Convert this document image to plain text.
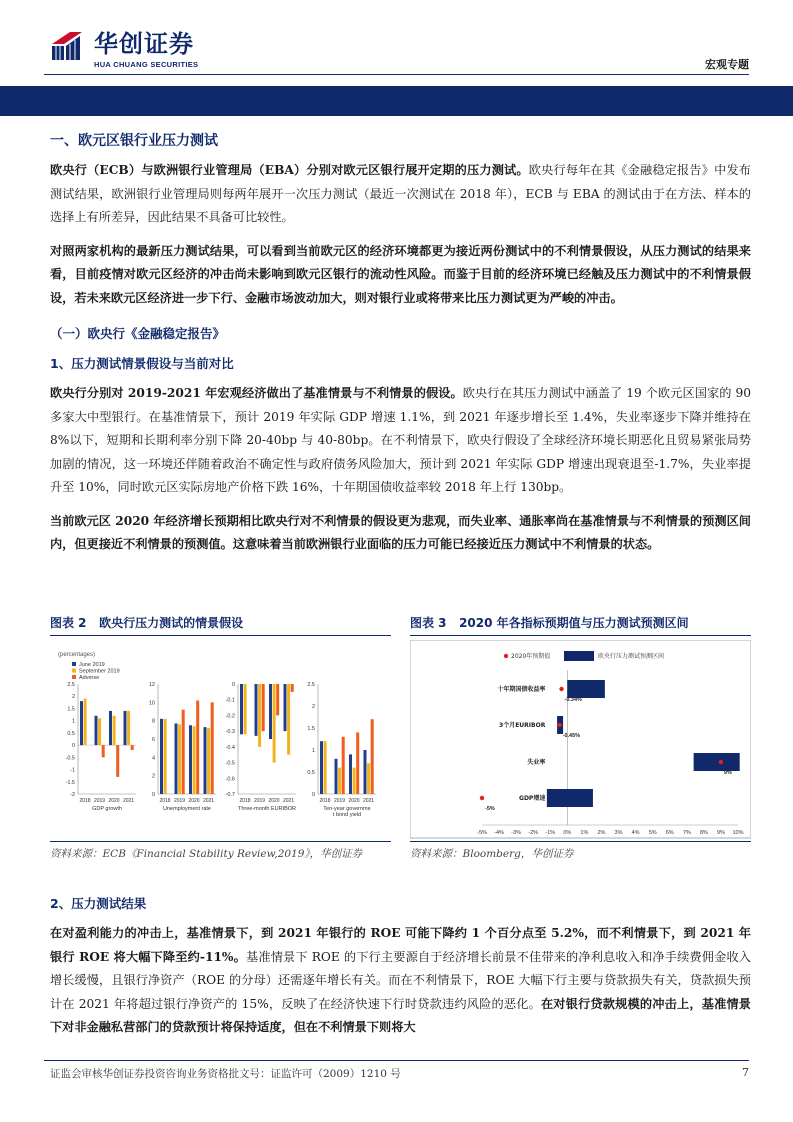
华创证券
HUA CHUANG SECURITIES	宏观专题
一、欧元区银行业压力测试

欧央行（ECB）与欧洲银行业管理局（EBA）分别对欧元区银行展开定期的压力测试。欧央行每年在其《金融稳定报告》中发布测试结果，欧洲银行业管理局则每两年展开一次压力测试（最近一次测试在 2018 年），ECB 与 EBA 的测试由于在方法、样本的选择上有所差异，因此结果不具备可比较性。

对照两家机构的最新压力测试结果，可以看到当前欧元区的经济环境都更为接近两份测试中的不利情景假设，从压力测试的结果来看，目前疫情对欧元区经济的冲击尚未影响到欧元区银行的流动性风险。而鉴于目前的经济环境已经触及压力测试中的不利情景假设，若未来欧元区经济进一步下行、金融市场波动加大，则对银行业或将带来比压力测试更为严峻的冲击。

（一）欧央行《金融稳定报告》
1、压力测试情景假设与当前对比

欧央行分别对 2019-2021 年宏观经济做出了基准情景与不利情景的假设。欧央行在其压力测试中涵盖了 19 个欧元区国家的 90 多家大中型银行。在基准情景下，预计 2019 年实际 GDP 增速 1.1%，到 2021 年逐步增长至 1.4%，失业率逐步下降并维持在 8%以下，短期和长期利率分别下降 20-40bp 与 40-80bp。在不利情景下，欧央行假设了全球经济环境长期恶化且贸易紧张局势加剧的情况，这一环境还伴随着政治不确定性与政府债务风险加大，预计到 2021 年实际 GDP 增速出现衰退至-1.7%，失业率提升至 10%，同时欧元区实际房地产价格下跌 16%，十年期国债收益率较 2018 年上行 130bp。

当前欧元区 2020 年经济增长预期相比欧央行对不利情景的假设更为悲观，而失业率、通胀率尚在基准情景与不利情景的预测区间内，但更接近不利情景的预测值。这意味着当前欧洲银行业面临的压力可能已经接近压力测试中不利情景的状态。

图表 2 欧央行压力测试的情景假设
(percentages)
June 2019
September 2019
Adverse
2.5
2
1.5
1
0.5
0
-0.5
-1
-1.5
-2
2018 2019 2020 2021
GDP growth
12
10
8
6
4
2
0
2018 2019 2020 2021
Unemployment rate
0
-0.1
-0.2
-0.3
-0.4
-0.5
-0.6
-0.7
2018 2019 2020 2021
Three-month EURIBOR
2.5
2
1.5
1
0.5
0
2018 2019 2020 2021
Ten-year governme
t bond yield
资料来源：ECB《Financial Stability Review,2019》，华创证券
图表 3 2020 年各指标预期值与压力测试预测区间
2020年预期值	欧央行压力测试预测区间
-5% -4% -3% -2% -1% 0% 1% 2% 3% 4% 5% 6% 7% 8% 9% 10%
十年期国债收益率
-0.34%
3个月EURIBOR
-0.45%
失业率
9%
GDP增速
-5%
资料来源：Bloomberg，华创证券
2、压力测试结果

在对盈利能力的冲击上，基准情景下，到 2021 年银行的 ROE 可能下降约 1 个百分点至 5.2%，而不利情景下，到 2021 年银行 ROE 将大幅下降至约-11%。基准情景下 ROE 的下行主要源自于经济增长前景不佳带来的净利息收入和净手续费佣金收入增长缓慢，且银行净资产（ROE 的分母）还需逐年增长有关。而在不利情景下，ROE 大幅下行主要与贷款损失有关，贷款损失预计在 2021 年将超过银行净资产的 15%，反映了在经济快速下行时贷款违约风险的恶化。在对银行贷款规模的冲击上，基准情景下对非金融私营部门的贷款预计将保持适度，但在不利情景下则将大

证监会审核华创证券投资咨询业务资格批文号：证监许可（2009）1210 号	7
